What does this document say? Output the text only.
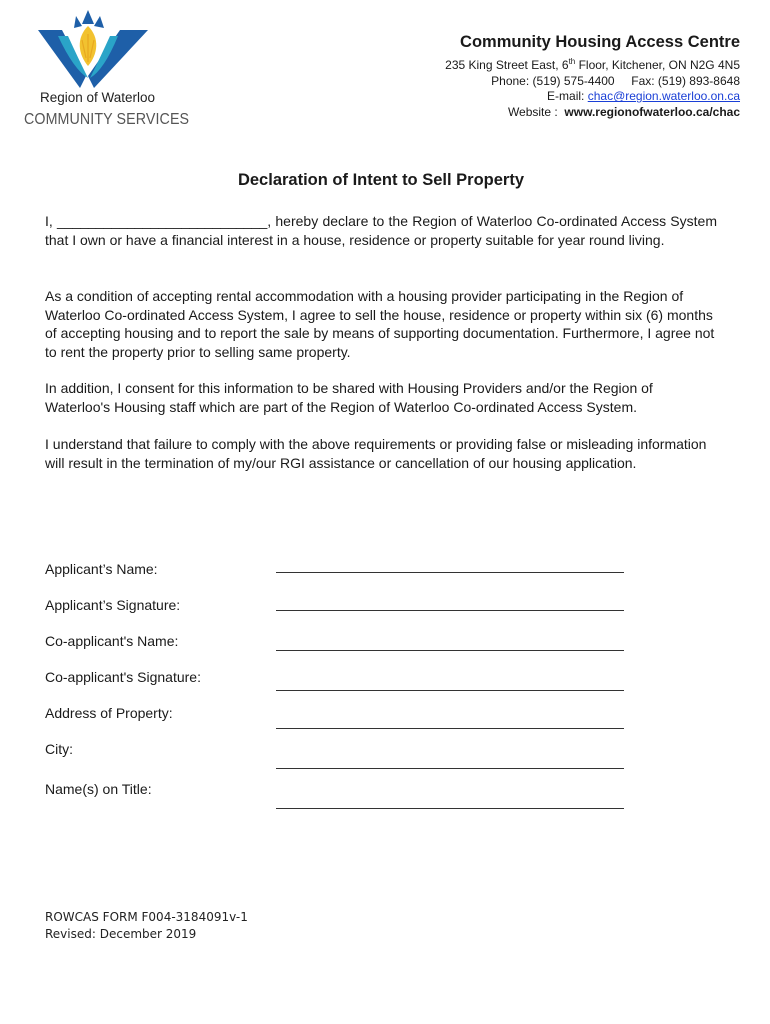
Region of Waterloo
COMMUNITY SERVICES
Community Housing Access Centre
235 King Street East, 6th Floor, Kitchener, ON N2G 4N5
Phone: (519) 575-4400     Fax: (519) 893-8648
E-mail: chac@region.waterloo.on.ca
Website :  www.regionofwaterloo.ca/chac
Declaration of Intent to Sell Property

I, ___________________________, hereby declare to the Region of Waterloo Co-ordinated Access System that I own or have a financial interest in a house, residence or property suitable for year round living.

As a condition of accepting rental accommodation with a housing provider participating in the Region of Waterloo Co-ordinated Access System, I agree to sell the house, residence or property within six (6) months of accepting housing and to report the sale by means of supporting documentation. Furthermore, I agree not to rent the property prior to selling same property.

In addition, I consent for this information to be shared with Housing Providers and/or the Region of Waterloo's Housing staff which are part of the Region of Waterloo Co-ordinated Access System.

I understand that failure to comply with the above requirements or providing false or misleading information will result in the termination of my/our RGI assistance or cancellation of our housing application.

Applicant’s Name:
Applicant’s Signature:
Co-applicant's Name:
Co-applicant's Signature:
Address of Property:
City:
Name(s) on Title:
ROWCAS FORM F004-3184091v-1
Revised: December 2019
